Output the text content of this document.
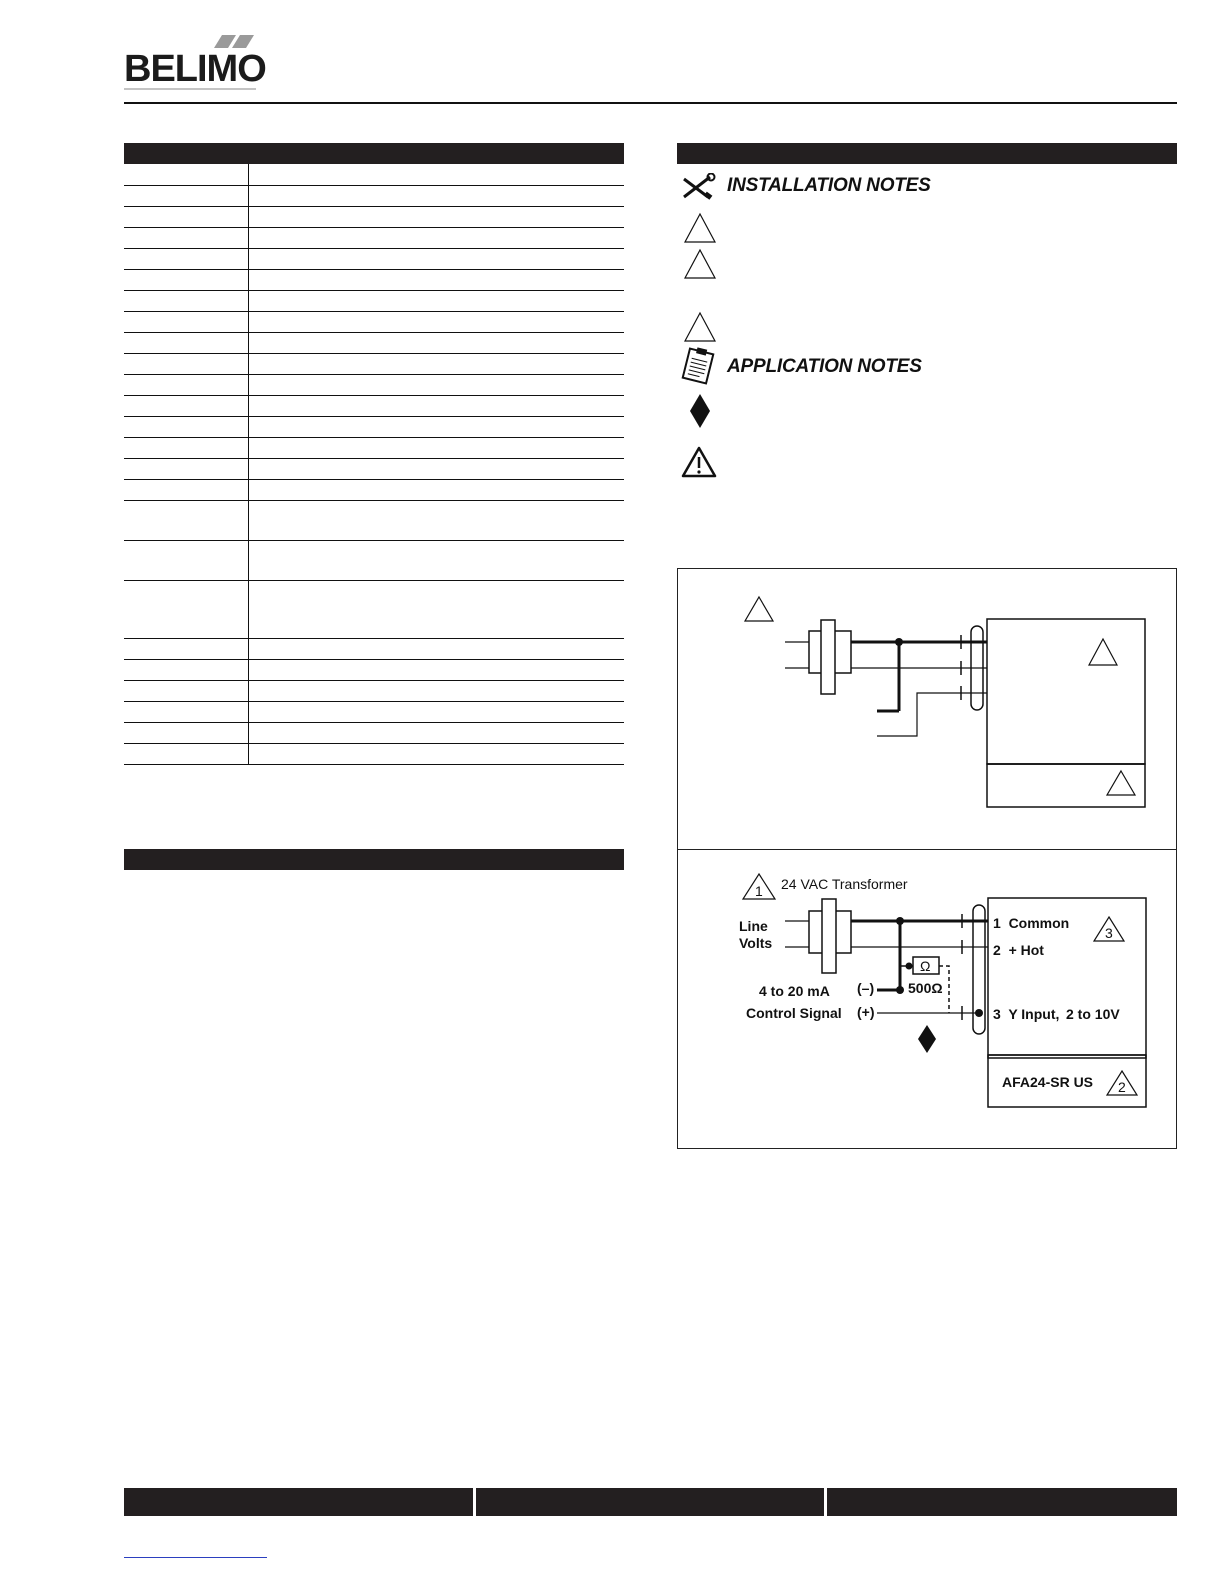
BELIMO

INSTALLATION NOTES
APPLICATION NOTES
1 24 VAC Transformer
Line
Volts
Ω
500Ω
4 to 20 mA
Control Signal
(–)
(+)
1  Common
2  + Hot
3  Y Input, 2 to 10V
3
AFA24-SR US 2
